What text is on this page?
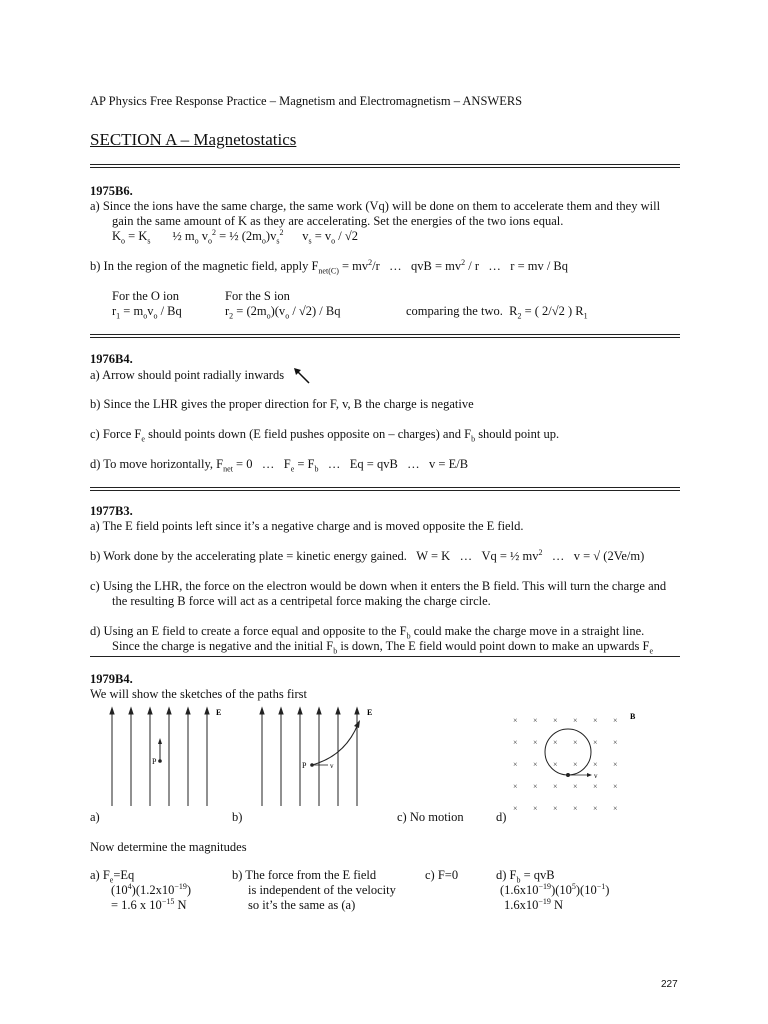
AP Physics Free Response Practice – Magnetism and Electromagnetism – ANSWERS
SECTION A – Magnetostatics
1975B6.
a) Since the ions have the same charge, the same work (Vq) will be done on them to accelerate them and they will
gain the same amount of K as they are accelerating. Set the energies of the two ions equal.
$K_o = K_s$       ½ $m_o$ $v_o^2$ = ½ $(2m_o)v_s^2$      $v_s = v_o / √2$
b) In the region of the magnetic field, apply $F_{net(C)} = mv^2/r$   …   qvB = $mv^2$ / r   …   r = mv / Bq
For the O ion	For the S ion
$r_1 = m_ov_o / Bq$	$r_2 = (2m_o)(v_o / √2) / Bq$	comparing the two.  $R_2$ = ( 2/√2 ) $R_1$
1976B4.
a) Arrow should point radially inwards
b) Since the LHR gives the proper direction for F, v, B the charge is negative
c) Force $F_e$ should points down (E field pushes opposite on – charges) and $F_b$ should point up.
d) To move horizontally, $F_{net} = 0$   …   $F_e = F_b$   …   Eq = qvB   …   v = E/B
1977B3.
a) The E field points left since it’s a negative charge and is moved opposite the E field.
b) Work done by the accelerating plate = kinetic energy gained.   W = K   …   Vq = ½ $mv^2$   …   v = √ (2Ve/m)
c) Using the LHR, the force on the electron would be down when it enters the B field. This will turn the charge and
the resulting B force will act as a centripetal force making the charge circle.
d) Using an E field to create a force equal and opposite to the $F_b$ could make the charge move in a straight line.
Since the charge is negative and the initial $F_b$ is down, The E field would point down to make an upwards $F_e$
1979B4.
We will show the sketches of the paths first
P
E
P	v
E
× × × × × ×
× × × × × ×
× × × × × ×
× × × × × ×
× × × × × ×
v
B
a)	b)	c) No motion	d)
Now determine the magnitudes
a) $F_e=Eq$
$(10^4)(1.2x10^{-19})$
= 1.6 x $10^{-15}$ N
b) The force from the E field
is independent of the velocity
so it’s the same as (a)
c) F=0	d) $F_b$ = qvB
$(1.6x10^{-19})(10^5)(10^{-1})$
$1.6x10^{-19}$ N
227
